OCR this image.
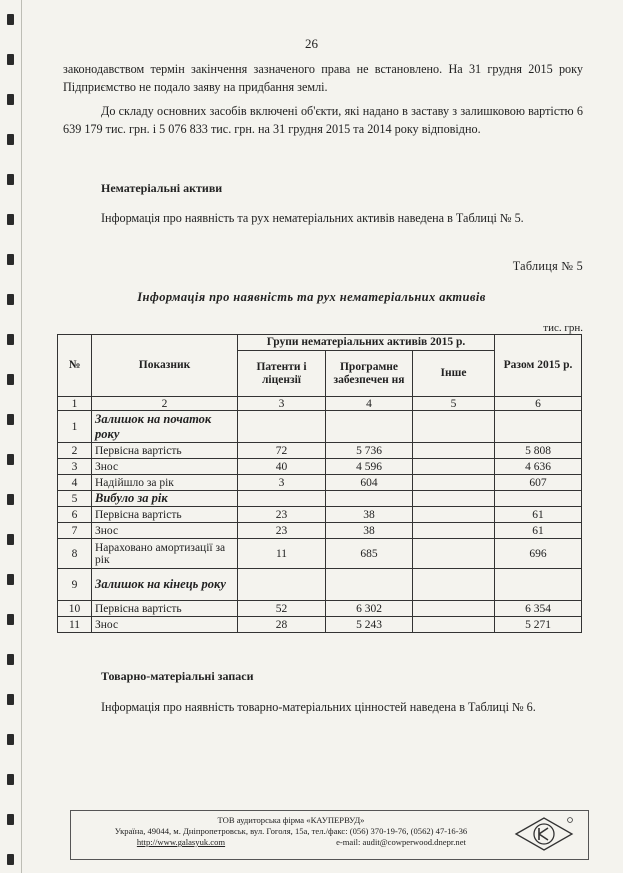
26
законодавством термін закінчення зазначеного права не встановлено. На 31 грудня 2015 року Підприємство не подало заяву на придбання землі.
До складу основних засобів включені об'єкти, які надано в заставу з залишковою вартістю 6 639 179 тис. грн. і 5 076 833 тис. грн. на 31 грудня 2015 та 2014 року відповідно.
Нематеріальні активи
Інформація про наявність та рух нематеріальних активів наведена в Таблиці № 5.
Таблиця № 5
Інформація про наявність та рух нематеріальних активів
тис. грн.
№	Показник	Групи нематеріальних активів 2015 р.			Разом 2015 р.
		Патенти і ліцензії	Програмне забезпечен ня	Інше	
1	2	3	4	5	6
1	Залишок на початок року				
2	Первісна вартість	72	5 736		5 808
3	Знос	40	4 596		4 636
4	Надійшло за рік	3	604		607
5	Вибуло за рік				
6	Первісна вартість	23	38		61
7	Знос	23	38		61
8	Нараховано амортизації за рік	11	685		696
9	Залишок на кінець року				
10	Первісна вартість	52	6 302		6 354
11	Знос	28	5 243		5 271
Товарно-матеріальні запаси
Інформація про наявність товарно-матеріальних цінностей наведена в Таблиці № 6.
ТОВ аудиторська фірма «КАУПЕРВУД»
Україна, 49044, м. Дніпропетровськ, вул. Гоголя, 15а, тел./факс: (056) 370-19-76, (0562) 47-16-36
http://www.galasyuk.com	e-mail: audit@cowperwood.dnepr.net
